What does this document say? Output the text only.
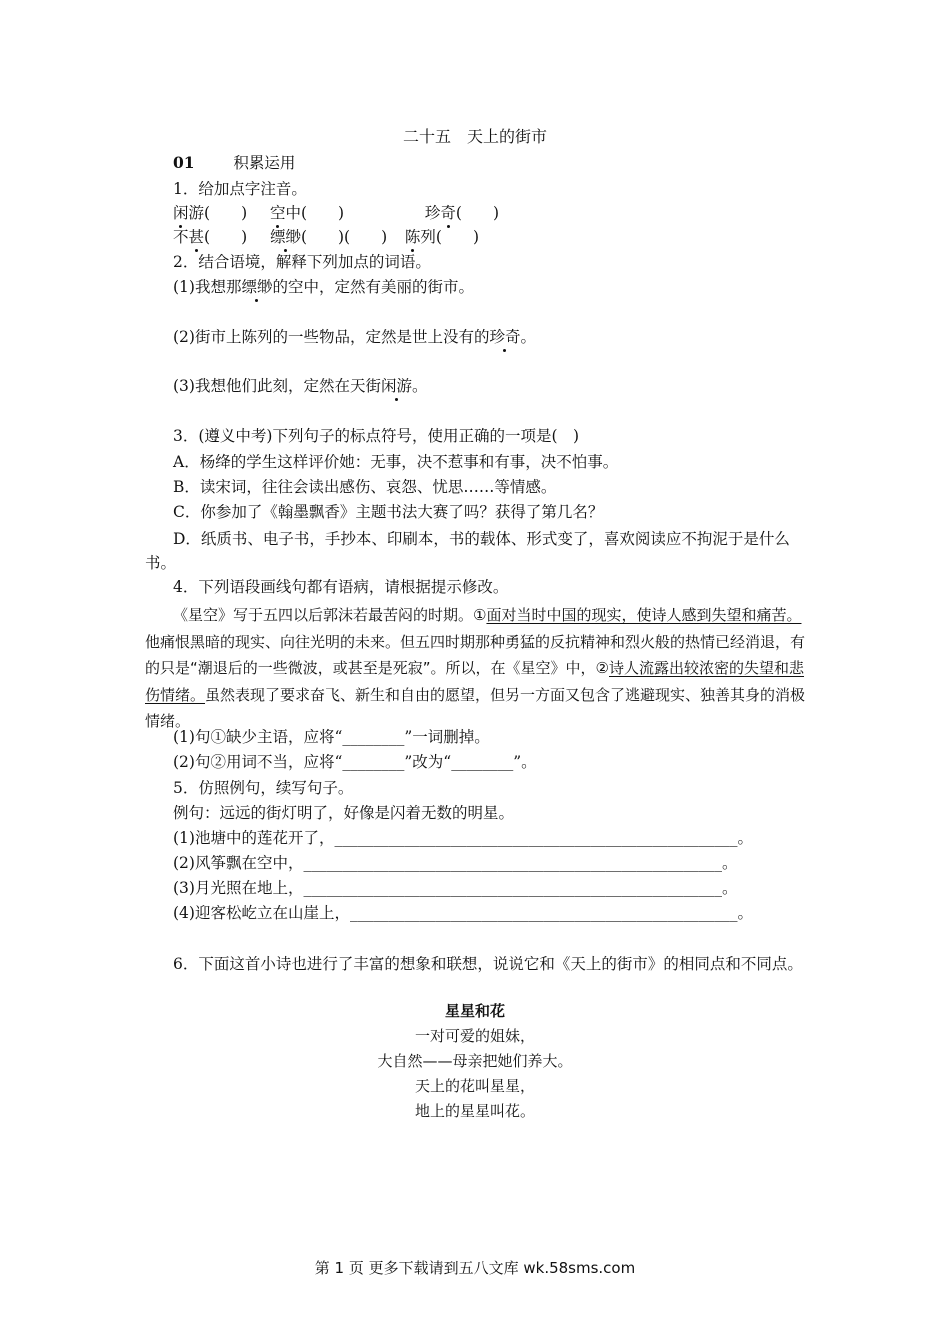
二十五　天上的街市
01	积累运用
1．给加点字注音。
闲游(　　) 空中(　　)	珍奇(　　)
不甚(　　) 缥缈(　　)(　　) 陈列(　　)
2．结合语境，解释下列加点的词语。
(1)我想那缥缈的空中，定然有美丽的街市。
(2)街市上陈列的一些物品，定然是世上没有的珍奇。
(3)我想他们此刻，定然在天街闲游。
3．(遵义中考)下列句子的标点符号，使用正确的一项是(　)
A．杨绛的学生这样评价她：无事，决不惹事和有事，决不怕事。
B．读宋词，往往会读出感伤、哀怨、忧思……等情感。
C．你参加了《翰墨飘香》主题书法大赛了吗？获得了第几名？
D．纸质书、电子书，手抄本、印刷本，书的载体、形式变了，喜欢阅读应不拘泥于是什么书。
4．下列语段画线句都有语病，请根据提示修改。
《星空》写于五四以后郭沫若最苦闷的时期。①面对当时中国的现实，使诗人感到失望和痛苦。他痛恨黑暗的现实、向往光明的未来。但五四时期那种勇猛的反抗精神和烈火般的热情已经消退，有的只是“潮退后的一些微波，或甚至是死寂”。所以，在《星空》中，②诗人流露出较浓密的失望和悲伤情绪。虽然表现了要求奋飞、新生和自由的愿望，但另一方面又包含了逃避现实、独善其身的消极情绪。
(1)句①缺少主语，应将“________”一词删掉。
(2)句②用词不当，应将“________”改为“________”。
5．仿照例句，续写句子。
例句：远远的街灯明了，好像是闪着无数的明星。
(1)池塘中的莲花开了，____________________________________________________。
(2)风筝飘在空中，______________________________________________________。
(3)月光照在地上，______________________________________________________。
(4)迎客松屹立在山崖上，__________________________________________________。
6．下面这首小诗也进行了丰富的想象和联想，说说它和《天上的街市》的相同点和不同点。
星星和花
一对可爱的姐妹，
大自然——母亲把她们养大。
天上的花叫星星，
地上的星星叫花。
第 1 页 更多下载请到五八文库 wk.58sms.com
